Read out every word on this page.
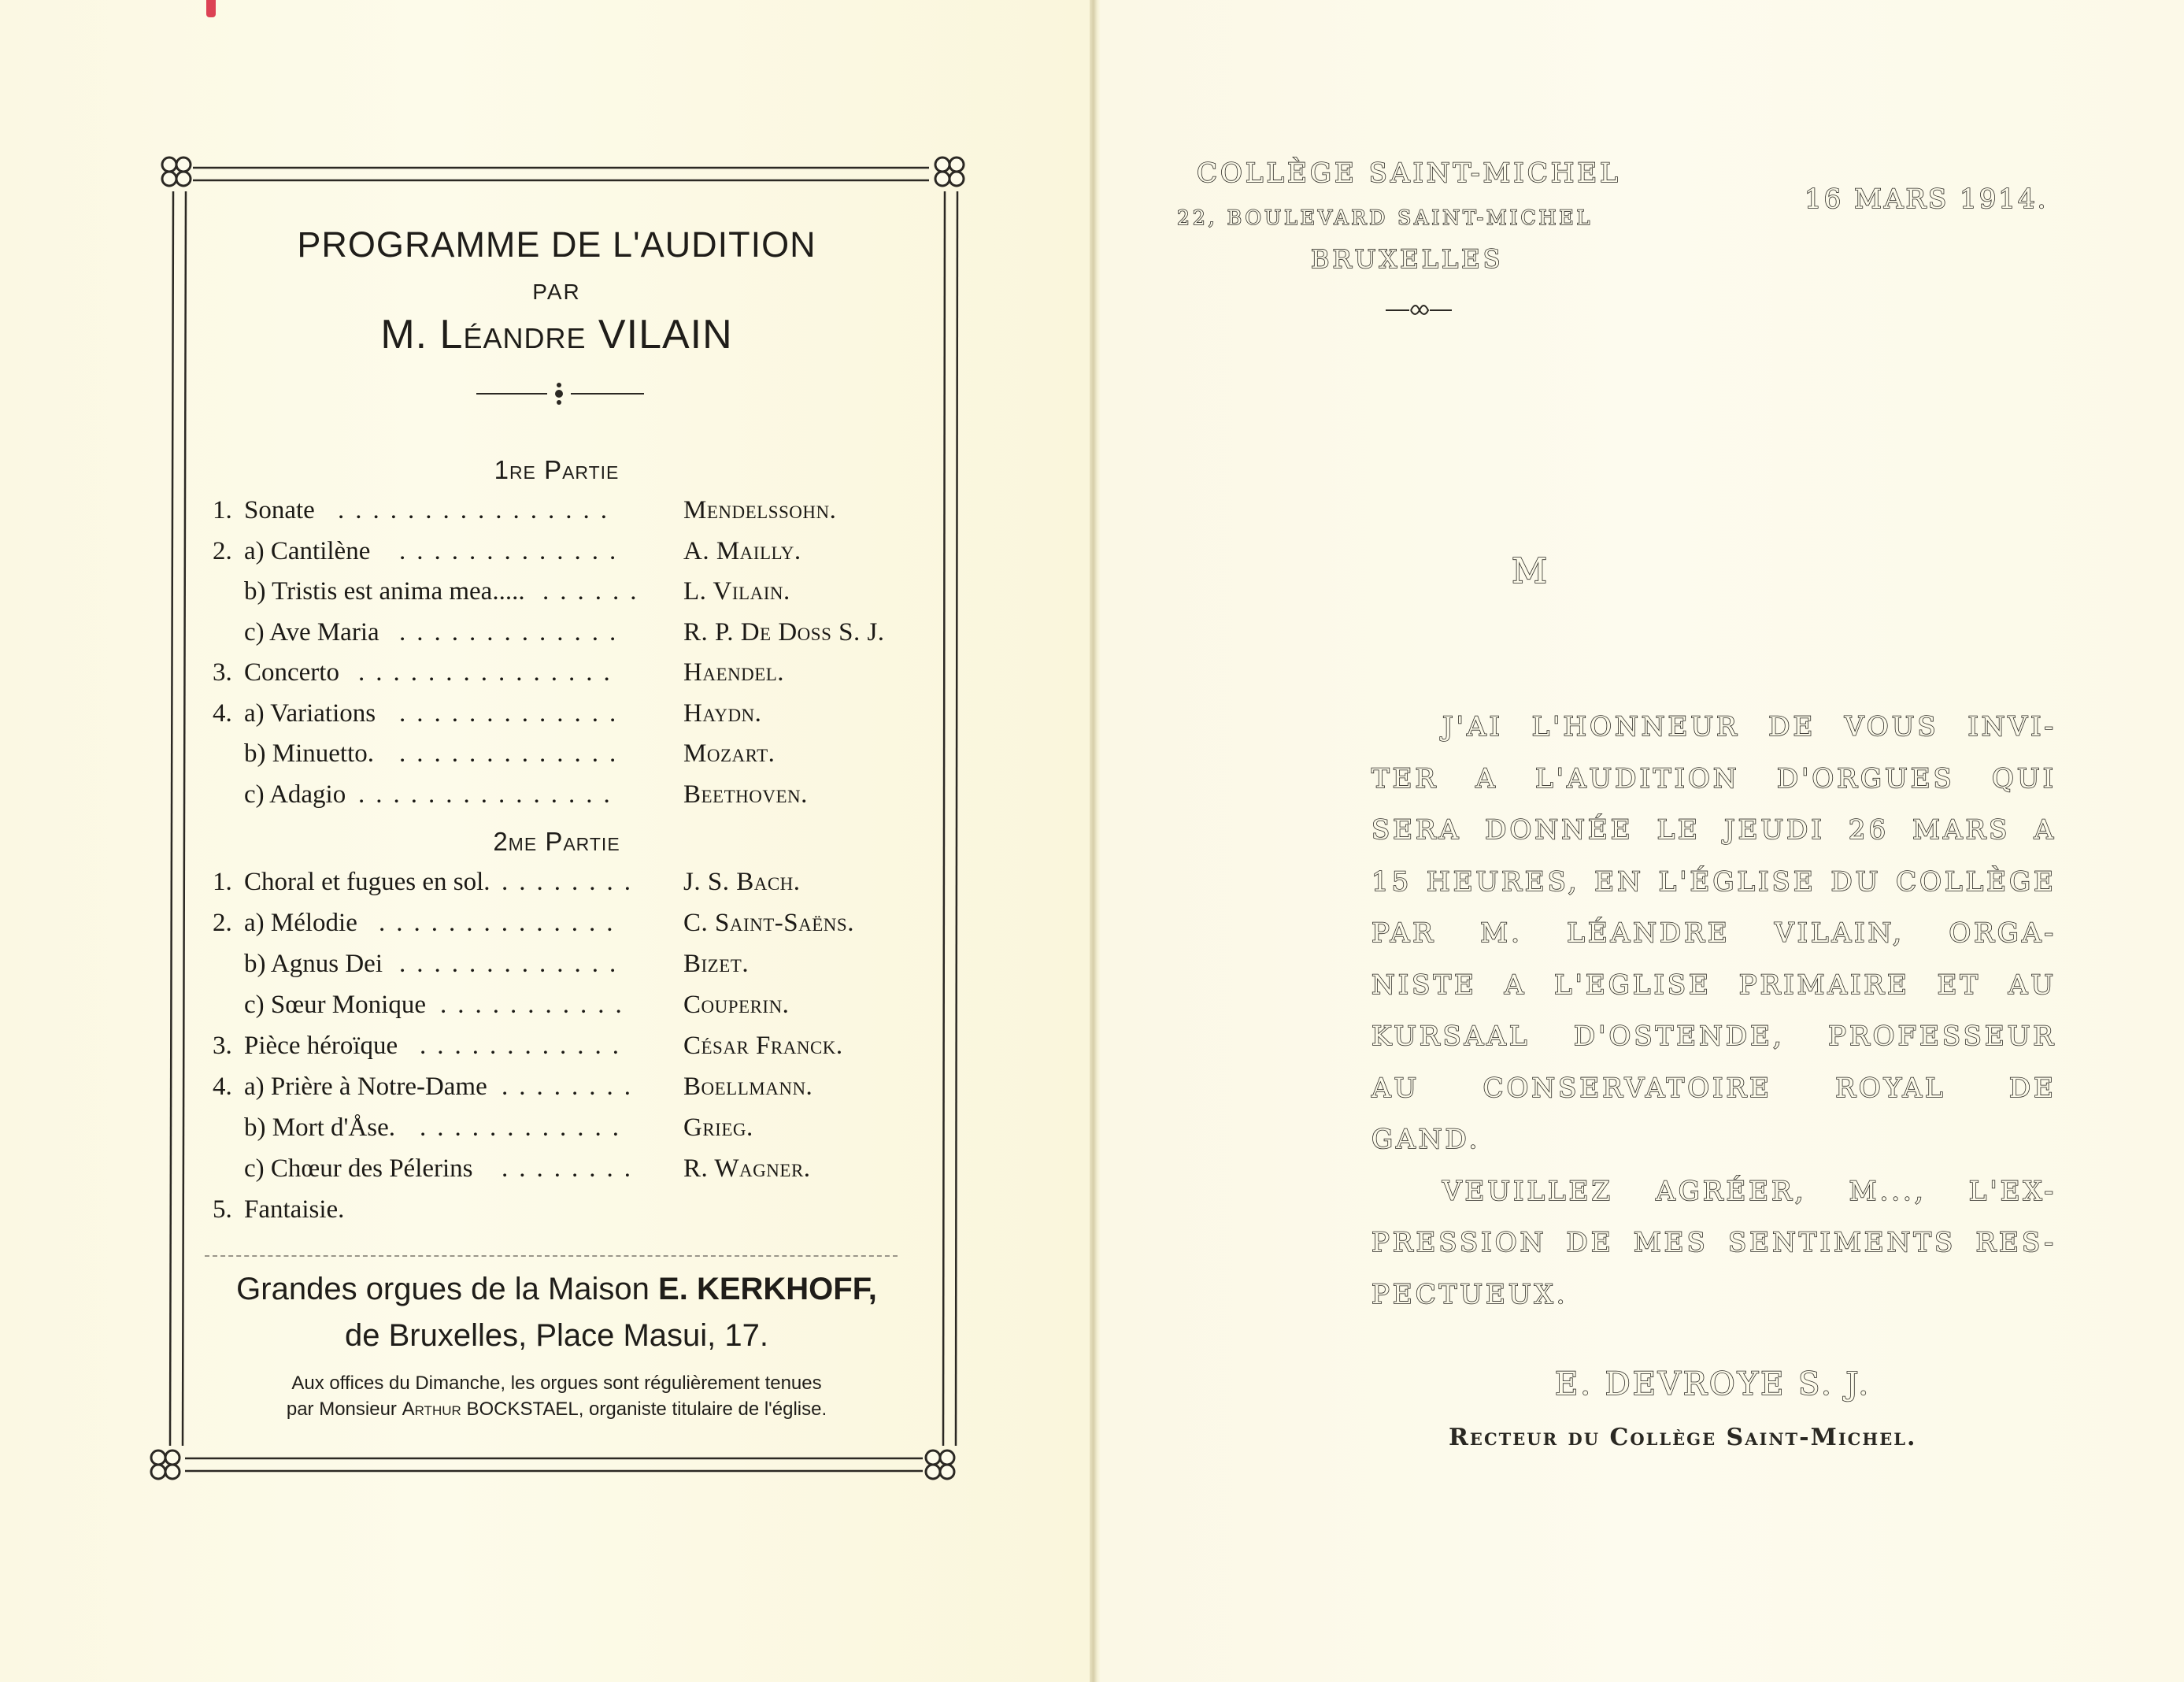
PROGRAMME DE L'AUDITION
PAR
M. Léandre VILAIN
1re Partie
1. Sonate ................	Mendelssohn.
2. a) Cantilène ............. A. Mailly.
b) Tristis est anima mea..... ...... L. Vilain.
c) Ave Maria ............. R. P. De Doss S. J.
3. Concerto ............... Haendel.
4. a) Variations ............. Haydn.
b) Minuetto. ............. Mozart.
c) Adagio ............... Beethoven.
2me Partie
1. Choral et fugues en sol. ........ J. S. Bach.
2. a) Mélodie .............. C. Saint-Saëns.
b) Agnus Dei ............. Bizet.
c) Sœur Monique ........... Couperin.
3. Pièce héroïque ............ César Franck.
4. a) Prière à Notre-Dame ........ Boellmann.
b) Mort d'Åse. ............ Grieg.
c) Chœur des Pélerins ........ R. Wagner.
5. Fantaisie.
Grandes orgues de la Maison E. KERKHOFF,
de Bruxelles, Place Masui, 17.
Aux offices du Dimanche, les orgues sont régulièrement tenues
par Monsieur Arthur BOCKSTAEL, organiste titulaire de l'église.
COLLÈGE SAINT-MICHEL
22, BOULEVARD SAINT-MICHEL
BRUXELLES
16 MARS 1914.
M
J'AI L'HONNEUR DE VOUS INVI-
TER A L'AUDITION D'ORGUES QUI
SERA DONNÉE LE JEUDI 26 MARS A
15 HEURES, EN L'ÉGLISE DU COLLÈGE
PAR M. LÉANDRE VILAIN, ORGA-
NISTE A L'EGLISE PRIMAIRE ET AU
KURSAAL D'OSTENDE, PROFESSEUR
AU CONSERVATOIRE ROYAL DE
GAND.
VEUILLEZ AGRÉER, M..., L'EX-
PRESSION DE MES SENTIMENTS RES-
PECTUEUX.
E. DEVROYE S. J.
Recteur du Collège Saint-Michel.
